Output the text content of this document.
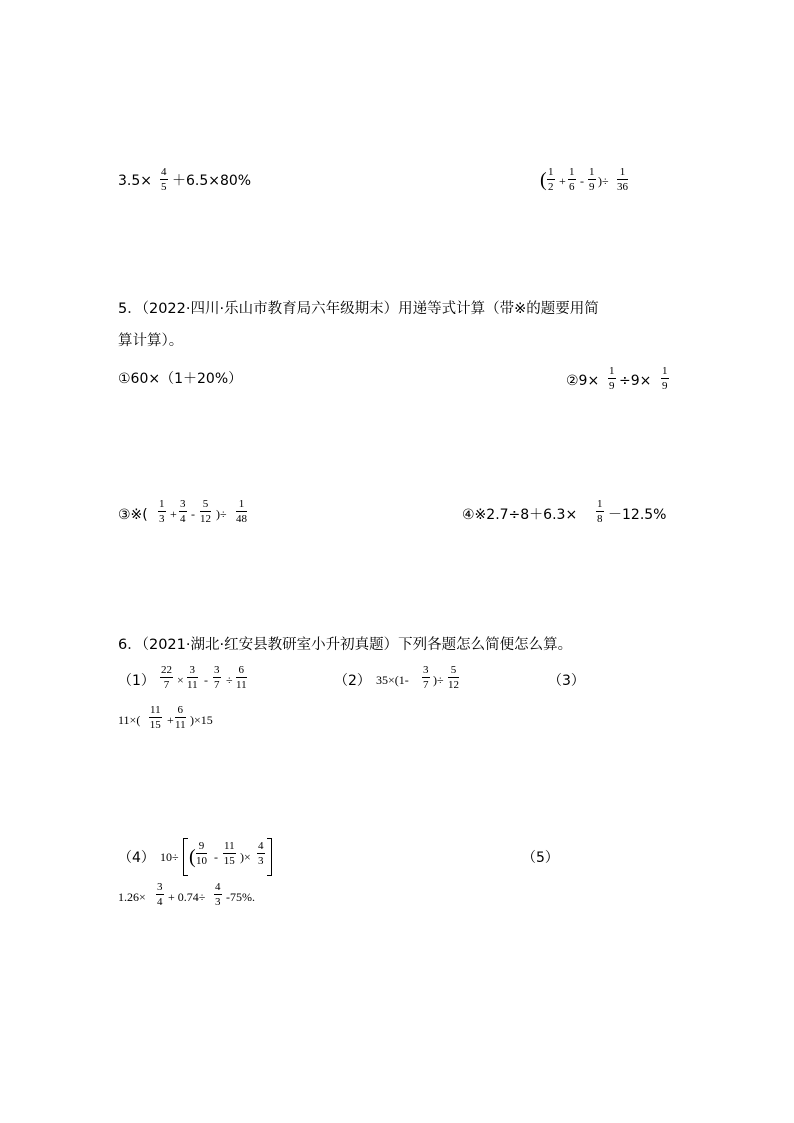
$3.5\times \frac{4}{5} +6.5\times 80\%$	( $\frac{1}{2} + \frac{1}{6} - \frac{1}{9}$ )÷ $\frac{1}{36}$
5．（2022·四川·乐山市教育局六年级期末）用递等式计算（带※的题要用简
算计算）。
①60×（1＋20%）	②9× $\frac{1}{9} \div 9\times \frac{1}{9}$
③※( $\frac{1}{3} + \frac{3}{4} - \frac{5}{12}$ )÷ $\frac{1}{48}$	④※2.7÷8＋6.3× $\frac{1}{8} -12.5\%$
6．（2021·湖北·红安县教研室小升初真题）下列各题怎么简便怎么算。
$(1) \frac{22}{7} \times \frac{3}{11} - \frac{3}{7} \div \frac{6}{11}$	（2） $35\times(1- \frac{3}{7}$ )÷ $\frac{5}{12}$	（3）
$11\times( \frac{11}{15} + \frac{6}{11} )\times 15$
（4） 10÷ ( $\frac{9}{10} - \frac{11}{15}$ )× $\frac{4}{3}$	（5）
$1.26\times \frac{3}{4} + 0.74\div \frac{4}{3} -75\%$.
